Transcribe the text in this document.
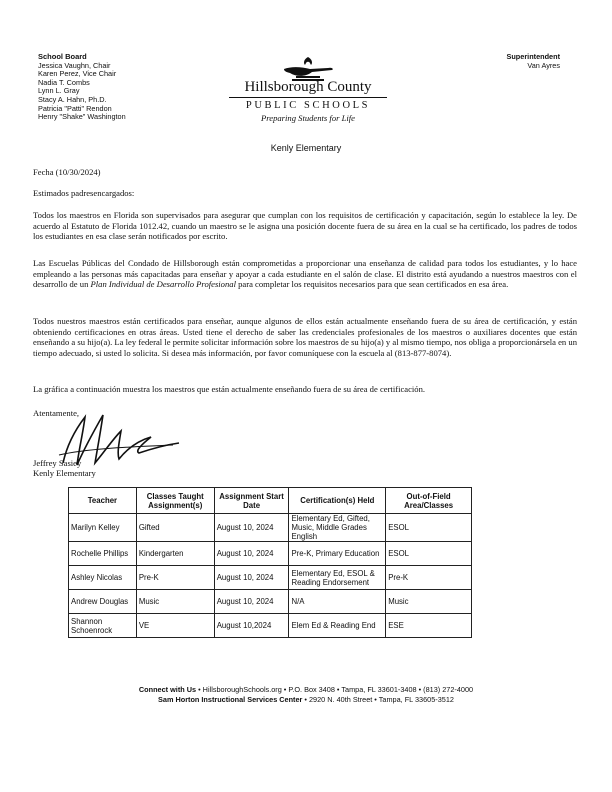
School Board
Jessica Vaughn, Chair
Karen Perez, Vice Chair
Nadia T. Combs
Lynn L. Gray
Stacy A. Hahn, Ph.D.
Patricia "Patti" Rendon
Henry "Shake" Washington
Superintendent
Van Ayres
Hillsborough County
PUBLIC SCHOOLS
Preparing Students for Life
Kenly Elementary
Fecha (10/30/2024)
Estimados padresencargados:
Todos los maestros en Florida son supervisados para asegurar que cumplan con los requisitos de certificación y capacitación, según lo establece la ley. De acuerdo al Estatuto de Florida 1012.42, cuando un maestro se le asigna una posición docente fuera de su área en la cual se ha certificado, los padres de todos los estudiantes en esa clase serán notificados por escrito.
Las Escuelas Públicas del Condado de Hillsborough están comprometidas a proporcionar una enseñanza de calidad para todos los estudiantes, y lo hace empleando a las personas más capacitadas para enseñar y apoyar a cada estudiante en el salón de clase. El distrito está ayudando a nuestros maestros con el desarrollo de un Plan Individual de Desarrollo Profesional para completar los requisitos necesarios para que sean certificados en esa área.
Todos nuestros maestros están certificados para enseñar, aunque algunos de ellos están actualmente enseñando fuera de su área de certificación, y están obteniendo certificaciones en otras áreas. Usted tiene el derecho de saber las credenciales profesionales de los maestros o auxiliares docentes que están enseñando a su hijo(a). La ley federal le permite solicitar información sobre los maestros de su hijo(a) y al mismo tiempo, nos obliga a proporcionársela en un tiempo adecuado, si usted lo solicita. Si desea más información, por favor comuníquese con la escuela al (813-877-8074).
La gráfica a continuación muestra los maestros que están actualmente enseñando fuera de su área de certificación.
Atentamente,
Jeffrey Sasiey
Kenly Elementary
Teacher	Classes Taught Assignment(s)	Assignment Start Date	Certification(s) Held	Out-of-Field Area/Classes
Marilyn Kelley	Gifted	August 10, 2024	Elementary Ed, Gifted, Music, Middle Grades English	ESOL
Rochelle Phillips	Kindergarten	August 10, 2024	Pre-K, Primary Education	ESOL
Ashley Nicolas	Pre-K	August 10, 2024	Elementary Ed, ESOL & Reading Endorsement	Pre-K
Andrew Douglas	Music	August 10, 2024	N/A	Music
Shannon Schoenrock	VE	August 10,2024	Elem Ed & Reading End	ESE
Connect with Us • HillsboroughSchools.org • P.O. Box 3408 • Tampa, FL 33601-3408 • (813) 272-4000
Sam Horton Instructional Services Center • 2920 N. 40th Street • Tampa, FL 33605-3512
